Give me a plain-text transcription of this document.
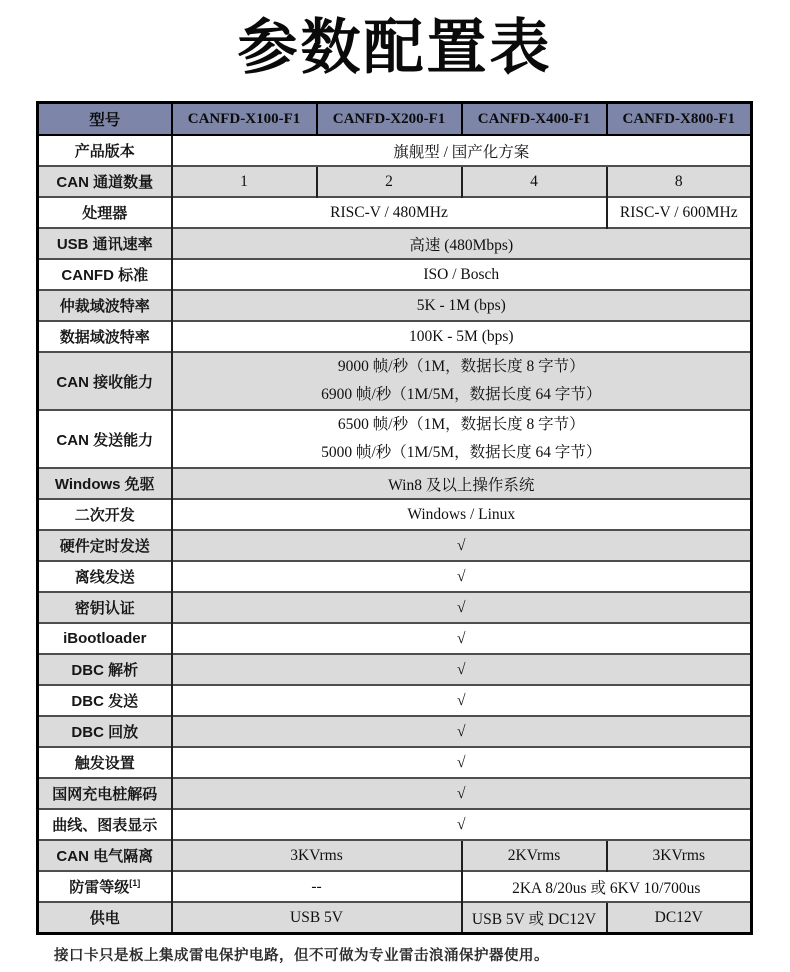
参数配置表
型号	CANFD-X100-F1	CANFD-X200-F1	CANFD-X400-F1	CANFD-X800-F1
产品版本	旗舰型 / 国产化方案			
CAN 通道数量	1	2	4	8
处理器	RISC-V / 480MHz			RISC-V / 600MHz
USB 通讯速率	高速 (480Mbps)			
CANFD 标准	ISO / Bosch			
仲裁域波特率	5K - 1M (bps)			
数据域波特率	100K - 5M (bps)			
CAN 接收能力	9000 帧/秒（1M，数据长度 8 字节）
6900 帧/秒（1M/5M，数据长度 64 字节）			

CAN 发送能力	6500 帧/秒（1M，数据长度 8 字节）
5000 帧/秒（1M/5M，数据长度 64 字节）			

Windows 免驱	Win8 及以上操作系统			
二次开发	Windows / Linux			
硬件定时发送	√			
离线发送	√			
密钥认证	√			
iBootloader	√			
DBC 解析	√			
DBC 发送	√			
DBC 回放	√			
触发设置	√			
国网充电桩解码	√			
曲线、图表显示	√			
CAN 电气隔离	3KVrms		2KVrms	3KVrms
防雷等级[1]	--		2KA 8/20us 或 6KV 10/700us	
供电	USB 5V		USB 5V 或 DC12V	DC12V

接口卡只是板上集成雷电保护电路，但不可做为专业雷击浪涌保护器使用。
